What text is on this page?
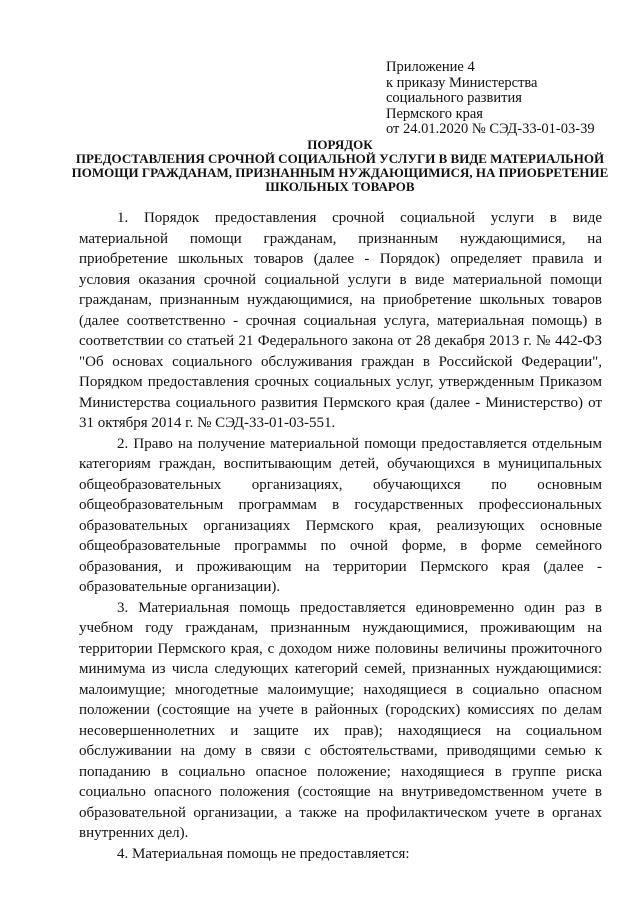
Приложение 4
к приказу Министерства
социального развития
Пермского края
от 24.01.2020 № СЭД-33-01-03-39
ПОРЯДОК
ПРЕДОСТАВЛЕНИЯ СРОЧНОЙ СОЦИАЛЬНОЙ УСЛУГИ В ВИДЕ МАТЕРИАЛЬНОЙ
ПОМОЩИ ГРАЖДАНАМ, ПРИЗНАННЫМ НУЖДАЮЩИМИСЯ, НА ПРИОБРЕТЕНИЕ
ШКОЛЬНЫХ ТОВАРОВ

1. Порядок предоставления срочной социальной услуги в виде материальной помощи гражданам, признанным нуждающимися, на приобретение школьных товаров (далее - Порядок) определяет правила и условия оказания срочной социальной услуги в виде материальной помощи гражданам, признанным нуждающимися, на приобретение школьных товаров (далее соответственно - срочная социальная услуга, материальная помощь) в соответствии со статьей 21 Федерального закона от 28 декабря 2013 г. № 442-ФЗ "Об основах социального обслуживания граждан в Российской Федерации", Порядком предоставления срочных социальных услуг, утвержденным Приказом Министерства социального развития Пермского края (далее - Министерство) от 31 октября 2014 г. № СЭД-33-01-03-551.

2. Право на получение материальной помощи предоставляется отдельным категориям граждан, воспитывающим детей, обучающихся в муниципальных общеобразовательных организациях, обучающихся по основным общеобразовательным программам в государственных профессиональных образовательных организациях Пермского края, реализующих основные общеобразовательные программы по очной форме, в форме семейного образования, и проживающим на территории Пермского края (далее - образовательные организации).

3. Материальная помощь предоставляется единовременно один раз в учебном году гражданам, признанным нуждающимися, проживающим на территории Пермского края, с доходом ниже половины величины прожиточного минимума из числа следующих категорий семей, признанных нуждающимися: малоимущие; многодетные малоимущие; находящиеся в социально опасном положении (состоящие на учете в районных (городских) комиссиях по делам несовершеннолетних и защите их прав); находящиеся на социальном обслуживании на дому в связи с обстоятельствами, приводящими семью к попаданию в социально опасное положение; находящиеся в группе риска социально опасного положения (состоящие на внутриведомственном учете в образовательной организации, а также на профилактическом учете в органах внутренних дел).

4. Материальная помощь не предоставляется:
